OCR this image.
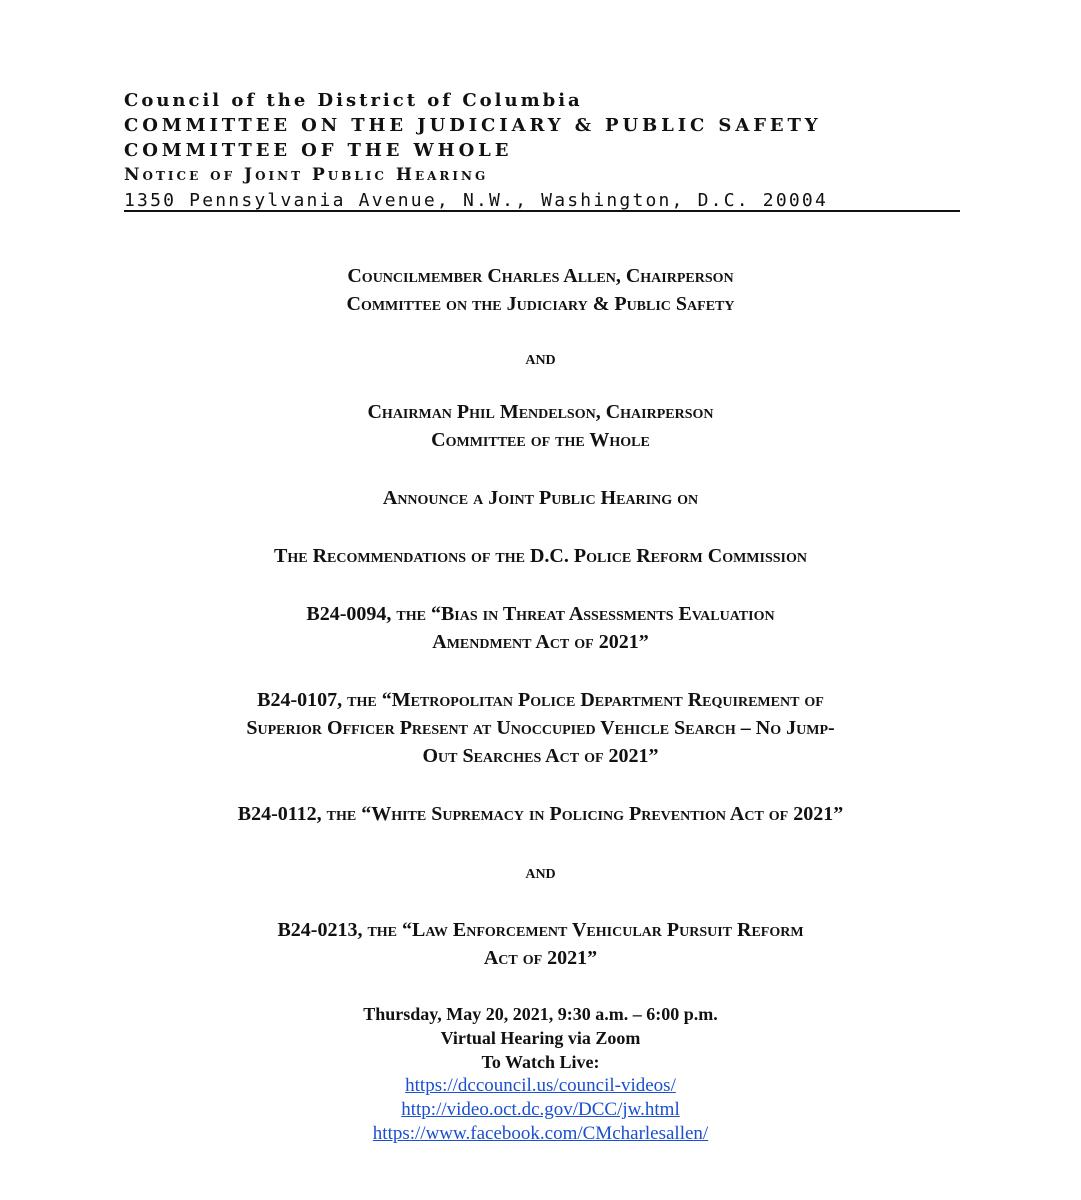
Council of the District of Columbia
COMMITTEE ON THE JUDICIARY & PUBLIC SAFETY
COMMITTEE OF THE WHOLE
Notice of Joint Public Hearing
1350 Pennsylvania Avenue, N.W., Washington, D.C. 20004

Councilmember Charles Allen, Chairperson

Committee on the Judiciary & Public Safety

and

Chairman Phil Mendelson, Chairperson

Committee of the Whole

Announce a Joint Public Hearing on

The Recommendations of the D.C. Police Reform Commission

B24-0094, the “Bias in Threat Assessments Evaluation

Amendment Act of 2021”

B24-0107, the “Metropolitan Police Department Requirement of

Superior Officer Present at Unoccupied Vehicle Search – No Jump-

Out Searches Act of 2021”

B24-0112, the “White Supremacy in Policing Prevention Act of 2021”

and

B24-0213, the “Law Enforcement Vehicular Pursuit Reform

Act of 2021”

Thursday, May 20, 2021, 9:30 a.m. – 6:00 p.m.

Virtual Hearing via Zoom

To Watch Live:

https://dccouncil.us/council-videos/
http://video.oct.dc.gov/DCC/jw.html
https://www.facebook.com/CMcharlesallen/
